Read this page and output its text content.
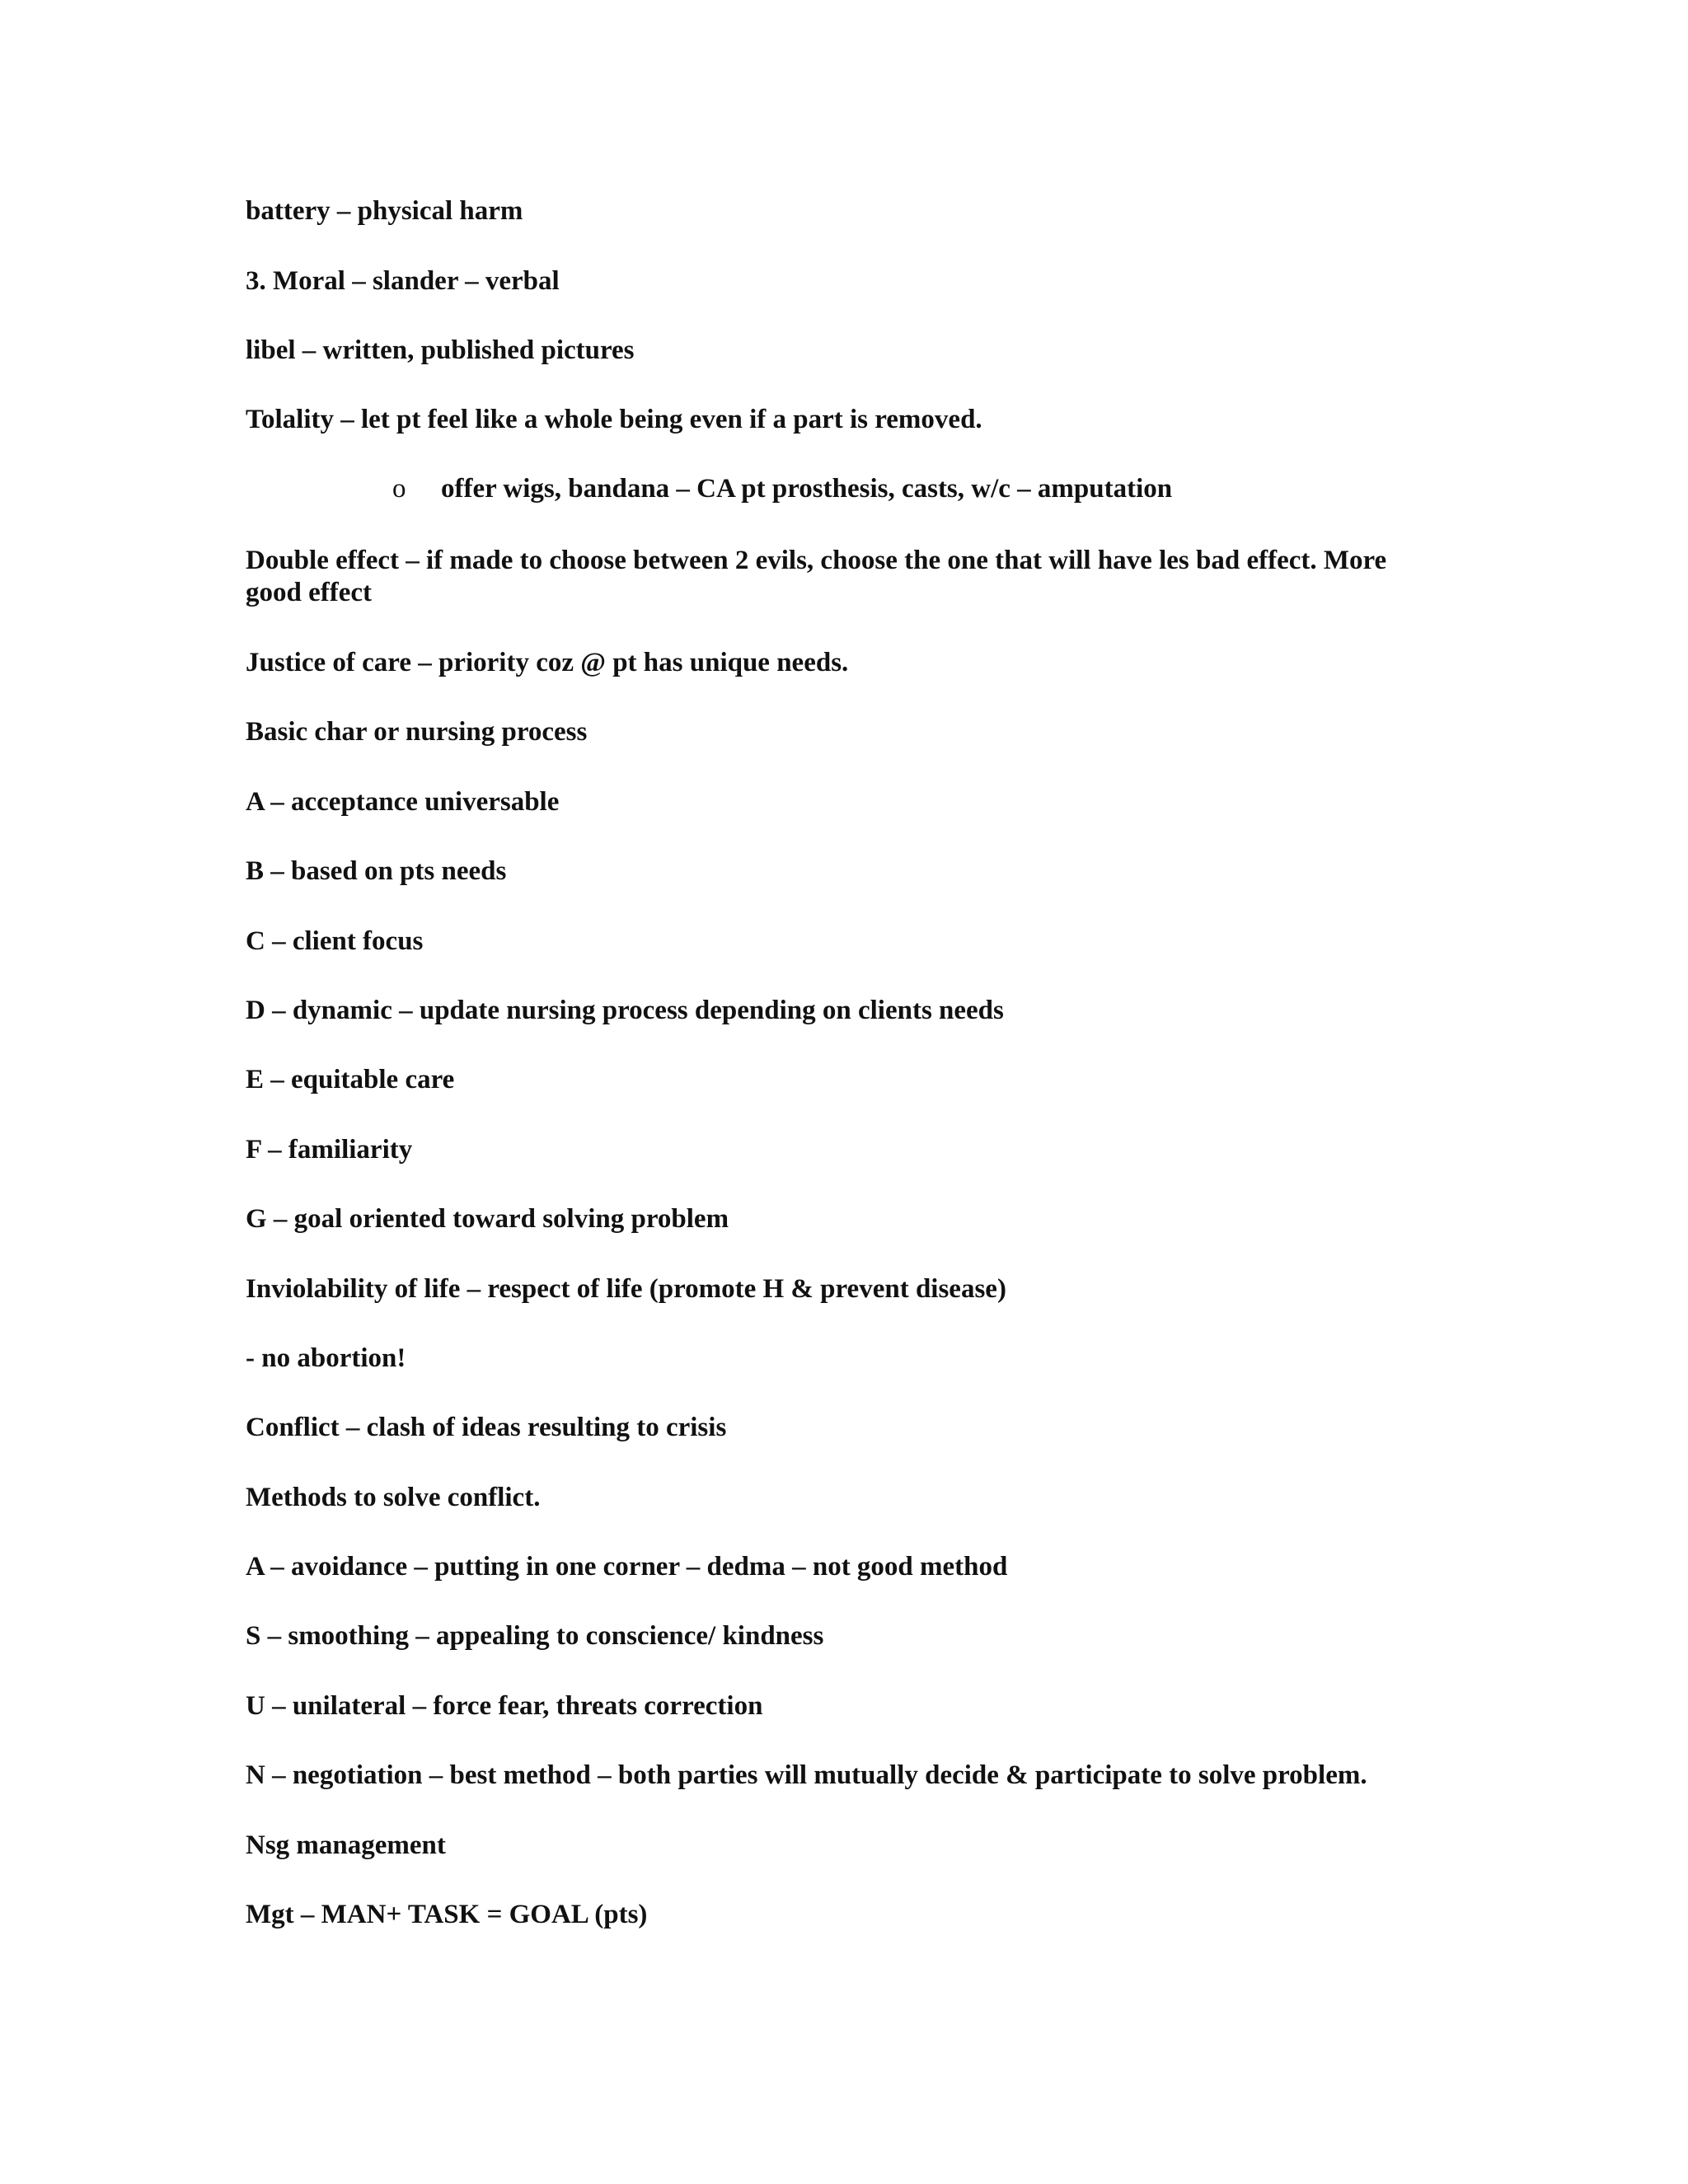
battery – physical harm

3. Moral – slander – verbal

libel – written, published pictures

Tolality – let pt feel like a whole being even if a part is removed.

o offer wigs, bandana – CA pt prosthesis, casts, w/c – amputation

Double effect – if made to choose between 2 evils, choose the one that will have les bad effect. More good effect

Justice of care – priority coz @ pt has unique needs.

Basic char or nursing process

A – acceptance universable

B – based on pts needs

C – client focus

D – dynamic – update nursing process depending on clients needs

E – equitable care

F – familiarity

G – goal oriented toward solving problem

Inviolability of life – respect of life (promote H & prevent disease)

- no abortion!

Conflict – clash of ideas resulting to crisis

Methods to solve conflict.

A – avoidance – putting in one corner – dedma – not good method

S – smoothing – appealing to conscience/ kindness

U – unilateral – force fear, threats correction

N – negotiation – best method – both parties will mutually decide & participate to solve problem.

Nsg management

Mgt – MAN+ TASK = GOAL (pts)
